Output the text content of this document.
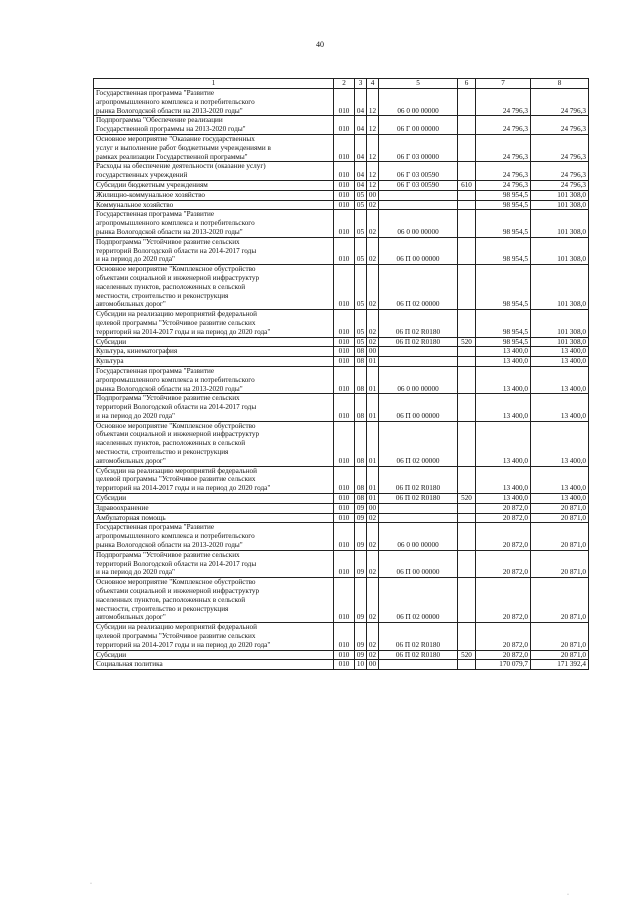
40
1	2	3	4	5	6	7	8
Государственная программа "Развитие
агропромышленного комплекса и потребительского
рынка Вологодской области на 2013-2020 годы"	010	04	12	06 0 00 00000		24 796,3	24 796,3
Подпрограмма "Обеспечение реализации
Государственной программы на 2013-2020 годы"	010	04	12	06 Г 00 00000		24 796,3	24 796,3
Основное мероприятие "Оказание государственных
услуг и выполнение работ бюджетными учреждениями в
рамках реализации Государственной программы"	010	04	12	06 Г 03 00000		24 796,3	24 796,3
Расходы на обеспечение деятельности (оказание услуг)
государственных учреждений	010	04	12	06 Г 03 00590		24 796,3	24 796,3
Субсидии бюджетным учреждениям	010	04	12	06 Г 03 00590	610	24 796,3	24 796,3
Жилищно-коммунальное хозяйство	010	05	00			98 954,5	101 308,0
Коммунальное хозяйство	010	05	02			98 954,5	101 308,0
Государственная программа "Развитие
агропромышленного комплекса и потребительского
рынка Вологодской области на 2013-2020 годы"	010	05	02	06 0 00 00000		98 954,5	101 308,0
Подпрограмма "Устойчивое развитие сельских
территорий Вологодской области на 2014-2017 годы
и на период до 2020 года"	010	05	02	06 П 00 00000		98 954,5	101 308,0
Основное мероприятие "Комплексное обустройство
объектами социальной и инженерной инфраструктур
населенных пунктов, расположенных в сельской
местности, строительство и реконструкция
автомобильных дорог"	010	05	02	06 П 02 00000		98 954,5	101 308,0
Субсидии на реализацию мероприятий федеральной
целевой программы "Устойчивое развитие сельских
территорий на 2014-2017 годы и на период до 2020 года"	010	05	02	06 П 02 R0180		98 954,5	101 308,0
Субсидии	010	05	02	06 П 02 R0180	520	98 954,5	101 308,0
Культура, кинематография	010	08	00			13 400,0	13 400,0
Культура	010	08	01			13 400,0	13 400,0
Государственная программа "Развитие
агропромышленного комплекса и потребительского
рынка Вологодской области на 2013-2020 годы"	010	08	01	06 0 00 00000		13 400,0	13 400,0
Подпрограмма "Устойчивое развитие сельских
территорий Вологодской области на 2014-2017 годы
и на период до 2020 года"	010	08	01	06 П 00 00000		13 400,0	13 400,0
Основное мероприятие "Комплексное обустройство
объектами социальной и инженерной инфраструктур
населенных пунктов, расположенных в сельской
местности, строительство и реконструкция
автомобильных дорог"	010	08	01	06 П 02 00000		13 400,0	13 400,0
Субсидии на реализацию мероприятий федеральной
целевой программы "Устойчивое развитие сельских
территорий на 2014-2017 годы и на период до 2020 года"	010	08	01	06 П 02 R0180		13 400,0	13 400,0
Субсидии	010	08	01	06 П 02 R0180	520	13 400,0	13 400,0
Здравоохранение	010	09	00			20 872,0	20 871,0
Амбулаторная помощь	010	09	02			20 872,0	20 871,0
Государственная программа "Развитие
агропромышленного комплекса и потребительского
рынка Вологодской области на 2013-2020 годы"	010	09	02	06 0 00 00000		20 872,0	20 871,0
Подпрограмма "Устойчивое развитие сельских
территорий Вологодской области на 2014-2017 годы
и на период до 2020 года"	010	09	02	06 П 00 00000		20 872,0	20 871,0
Основное мероприятие "Комплексное обустройство
объектами социальной и инженерной инфраструктур
населенных пунктов, расположенных в сельской
местности, строительство и реконструкция
автомобильных дорог"	010	09	02	06 П 02 00000		20 872,0	20 871,0
Субсидии на реализацию мероприятий федеральной
целевой программы "Устойчивое развитие сельских
территорий на 2014-2017 годы и на период до 2020 года"	010	09	02	06 П 02 R0180		20 872,0	20 871,0
Субсидии	010	09	02	06 П 02 R0180	520	20 872,0	20 871,0
Социальная политика	010	10	00			170 079,7	171 392,4
·
·
